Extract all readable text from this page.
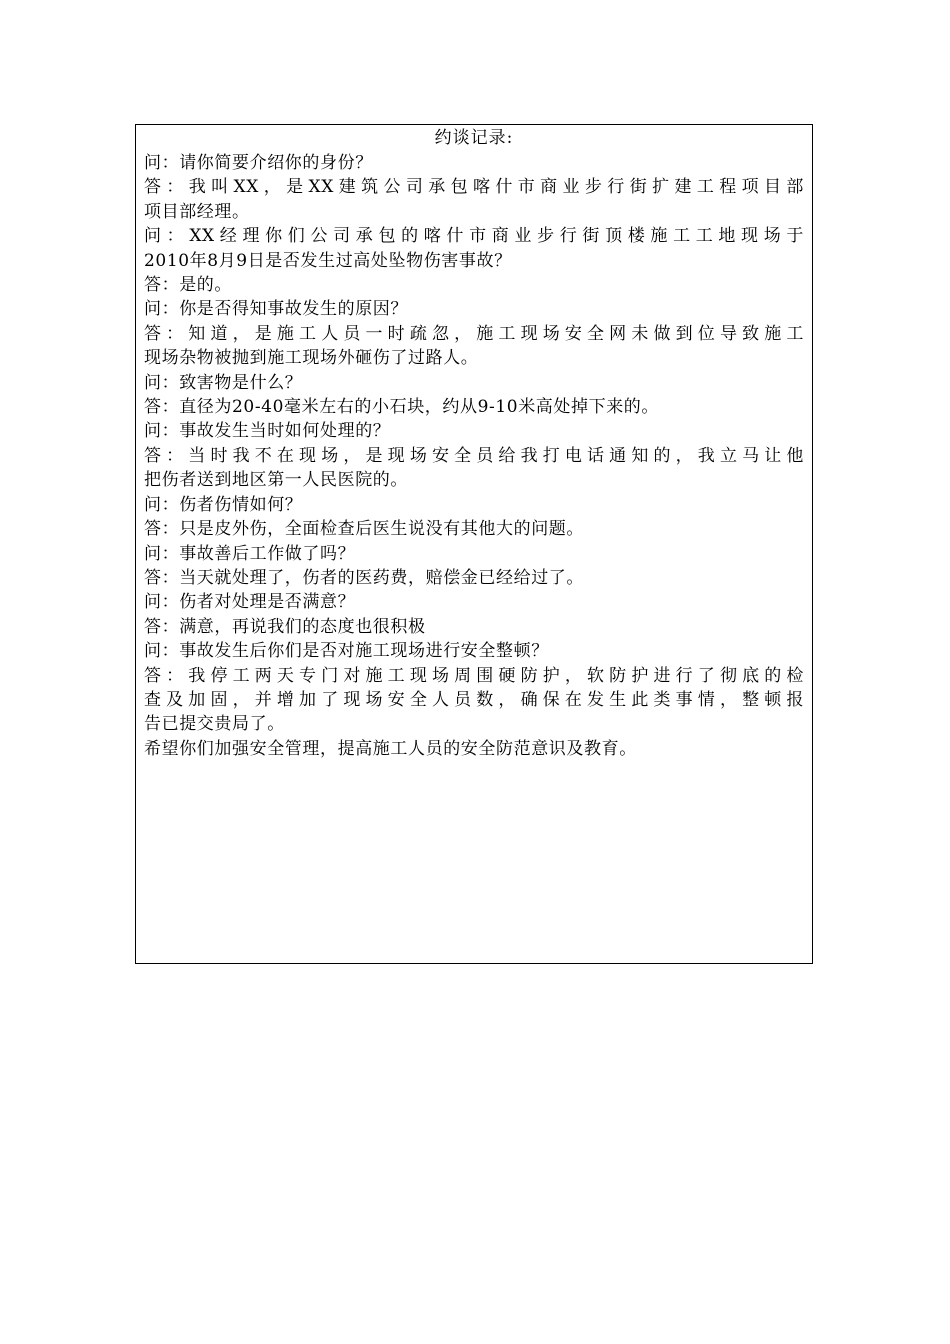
约谈记录:
问：请你简要介绍你的身份？
答：我叫XX，是XX建筑公司承包喀什市商业步行街扩建工程项目部
项目部经理。
问：XX经理你们公司承包的喀什市商业步行街顶楼施工工地现场于
2010年8月9日是否发生过高处坠物伤害事故？
答：是的。
问：你是否得知事故发生的原因？
答：知道，是施工人员一时疏忽，施工现场安全网未做到位导致施工
现场杂物被抛到施工现场外砸伤了过路人。
问：致害物是什么？
答：直径为20-40毫米左右的小石块，约从9-10米高处掉下来的。
问：事故发生当时如何处理的？
答：当时我不在现场，是现场安全员给我打电话通知的，我立马让他
把伤者送到地区第一人民医院的。
问：伤者伤情如何？
答：只是皮外伤，全面检查后医生说没有其他大的问题。
问：事故善后工作做了吗？
答：当天就处理了，伤者的医药费，赔偿金已经给过了。
问：伤者对处理是否满意？
答：满意，再说我们的态度也很积极
问：事故发生后你们是否对施工现场进行安全整顿？
答：我停工两天专门对施工现场周围硬防护，软防护进行了彻底的检
查及加固，并增加了现场安全人员数，确保在发生此类事情，整顿报
告已提交贵局了。
希望你们加强安全管理，提高施工人员的安全防范意识及教育。
